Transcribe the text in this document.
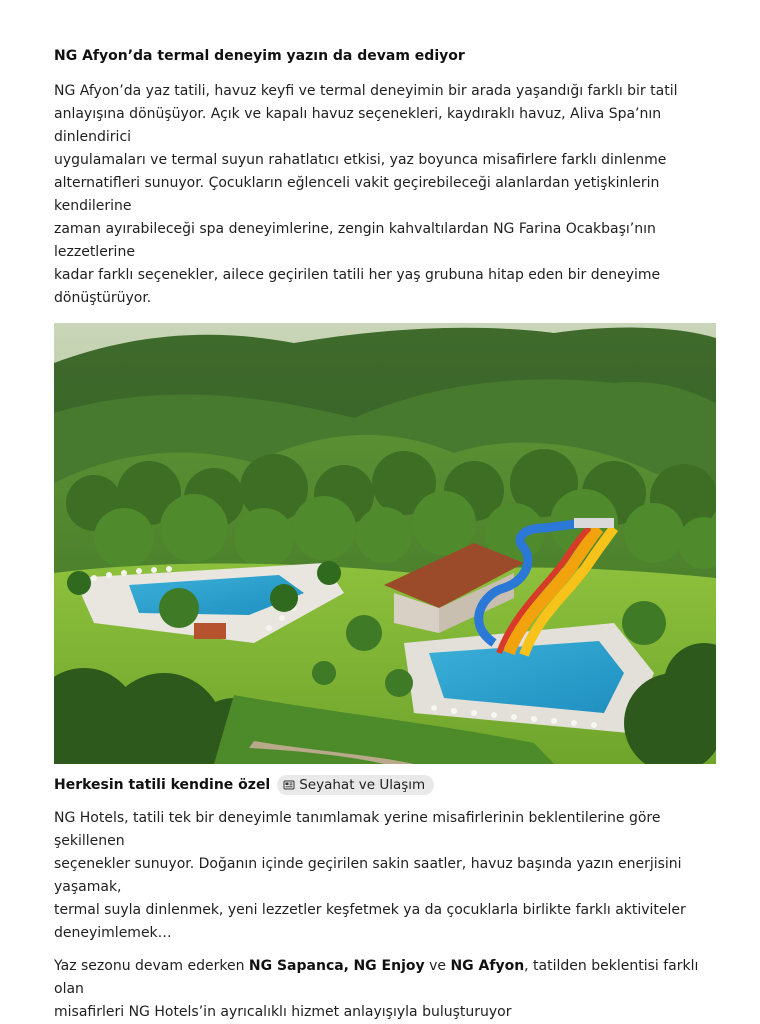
NG Afyon’da termal deneyim yazın da devam ediyor

NG Afyon’da yaz tatili, havuz keyfi ve termal deneyimin bir arada yaşandığı farklı bir tatil
anlayışına dönüşüyor. Açık ve kapalı havuz seçenekleri, kaydıraklı havuz, Aliva Spa’nın dinlendirici
uygulamaları ve termal suyun rahatlatıcı etkisi, yaz boyunca misafirlere farklı dinlenme
alternatifleri sunuyor. Çocukların eğlenceli vakit geçirebileceği alanlardan yetişkinlerin kendilerine
zaman ayırabileceği spa deneyimlerine, zengin kahvaltılardan NG Farina Ocakbaşı’nın lezzetlerine
kadar farklı seçenekler, ailece geçirilen tatili her yaş grubuna hitap eden bir deneyime
dönüştürüyor.

Herkesin tatili kendine özel Seyahat ve Ulaşım

NG Hotels, tatili tek bir deneyimle tanımlamak yerine misafirlerinin beklentilerine göre şekillenen
seçenekler sunuyor. Doğanın içinde geçirilen sakin saatler, havuz başında yazın enerjisini yaşamak,
termal suyla dinlenmek, yeni lezzetler keşfetmek ya da çocuklarla birlikte farklı aktiviteler
deneyimlemek…

Yaz sezonu devam ederken NG Sapanca, NG Enjoy ve NG Afyon, tatilden beklentisi farklı olan
misafirleri NG Hotels’in ayrıcalıklı hizmet anlayışıyla buluşturuyor
